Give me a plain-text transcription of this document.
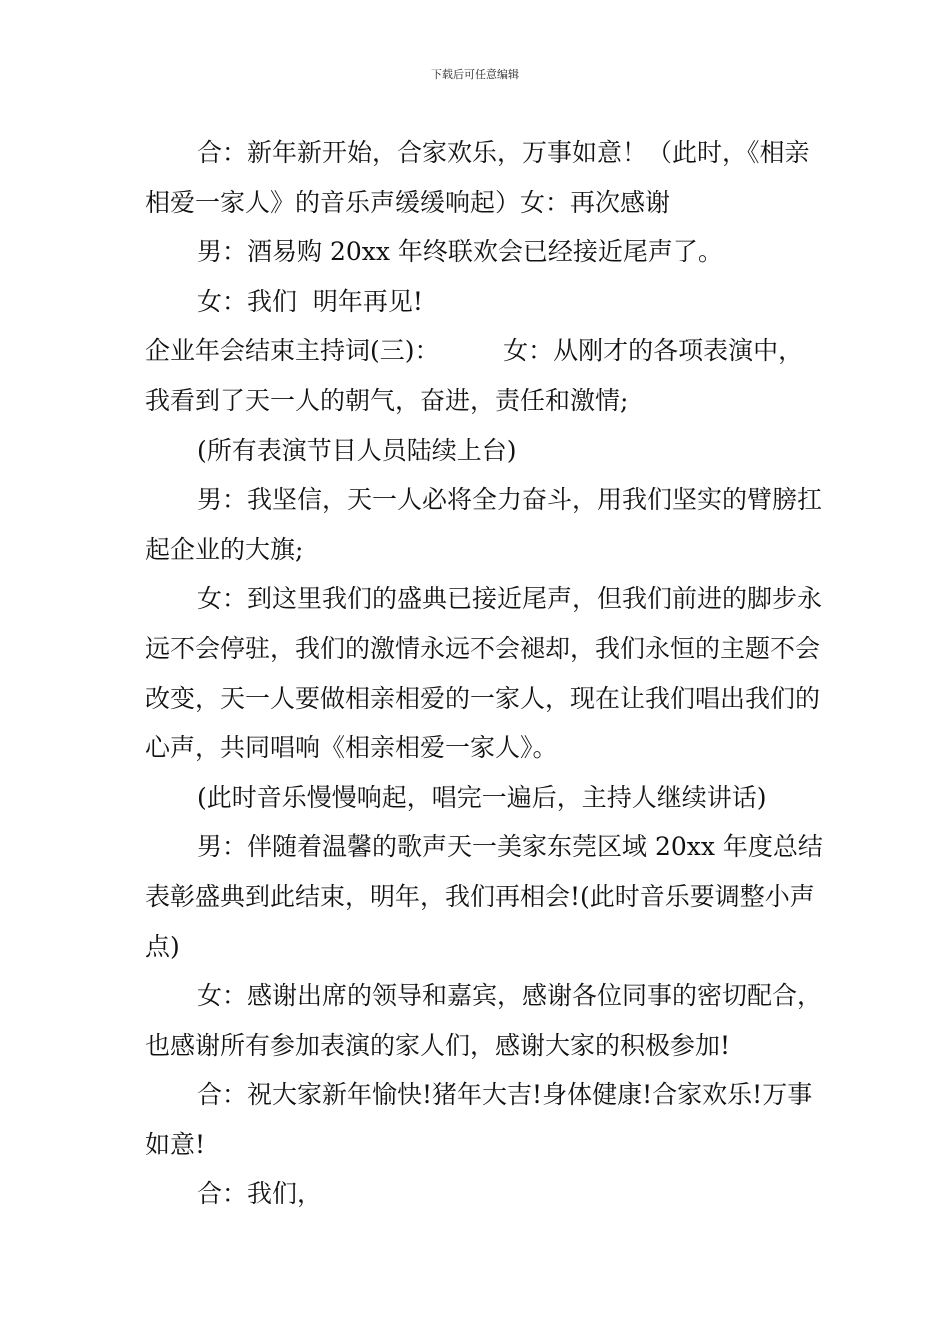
下载后可任意编辑

合：新年新开始，合家欢乐，万事如意！（此时，《相亲相爱一家人》的音乐声缓缓响起）女：再次感谢

男：酒易购 20xx 年终联欢会已经接近尾声了。

女：我们  明年再见!

企业年会结束主持词(三)：        女：从刚才的各项表演中，我看到了天一人的朝气，奋进，责任和激情;

(所有表演节目人员陆续上台)

男：我坚信，天一人必将全力奋斗，用我们坚实的臂膀扛起企业的大旗;

女：到这里我们的盛典已接近尾声，但我们前进的脚步永远不会停驻，我们的激情永远不会褪却，我们永恒的主题不会改变，天一人要做相亲相爱的一家人，现在让我们唱出我们的心声，共同唱响《相亲相爱一家人》。

(此时音乐慢慢响起，唱完一遍后，主持人继续讲话)

男：伴随着温馨的歌声天一美家东莞区域 20xx 年度总结表彰盛典到此结束，明年，我们再相会!(此时音乐要调整小声点)

女：感谢出席的领导和嘉宾，感谢各位同事的密切配合，也感谢所有参加表演的家人们，感谢大家的积极参加!

合：祝大家新年愉快!猪年大吉!身体健康!合家欢乐!万事如意!

合：我们，
